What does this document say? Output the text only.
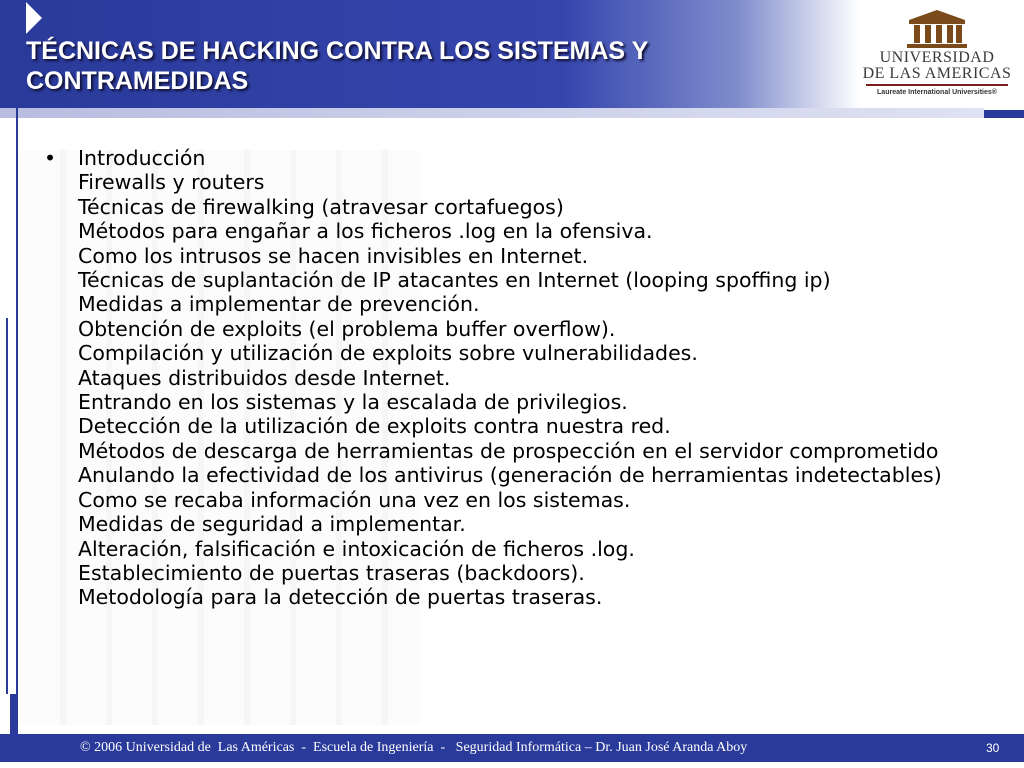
TÉCNICAS DE HACKING CONTRA LOS SISTEMAS Y CONTRAMEDIDAS
UNIVERSIDAD
DE LAS AMERICAS
Laureate International Universities®
• Introducción
Firewalls y routers
Técnicas de firewalking (atravesar cortafuegos)
Métodos para engañar a los ficheros .log en la ofensiva.
Como los intrusos se hacen invisibles en Internet.
Técnicas de suplantación de IP atacantes en Internet (looping spoffing ip)
Medidas a implementar de prevención.
Obtención de exploits (el problema buffer overflow).
Compilación y utilización de exploits sobre vulnerabilidades.
Ataques distribuidos desde Internet.
Entrando en los sistemas y la escalada de privilegios.
Detección de la utilización de exploits contra nuestra red.
Métodos de descarga de herramientas de prospección en el servidor comprometido
Anulando la efectividad de los antivirus (generación de herramientas indetectables)
Como se recaba información una vez en los sistemas.
Medidas de seguridad a implementar.
Alteración, falsificación e intoxicación de ficheros .log.
Establecimiento de puertas traseras (backdoors).
Metodología para la detección de puertas traseras.
© 2006 Universidad de  Las Américas  -  Escuela de Ingeniería  -   Seguridad Informática – Dr. Juan José Aranda Aboy	30
